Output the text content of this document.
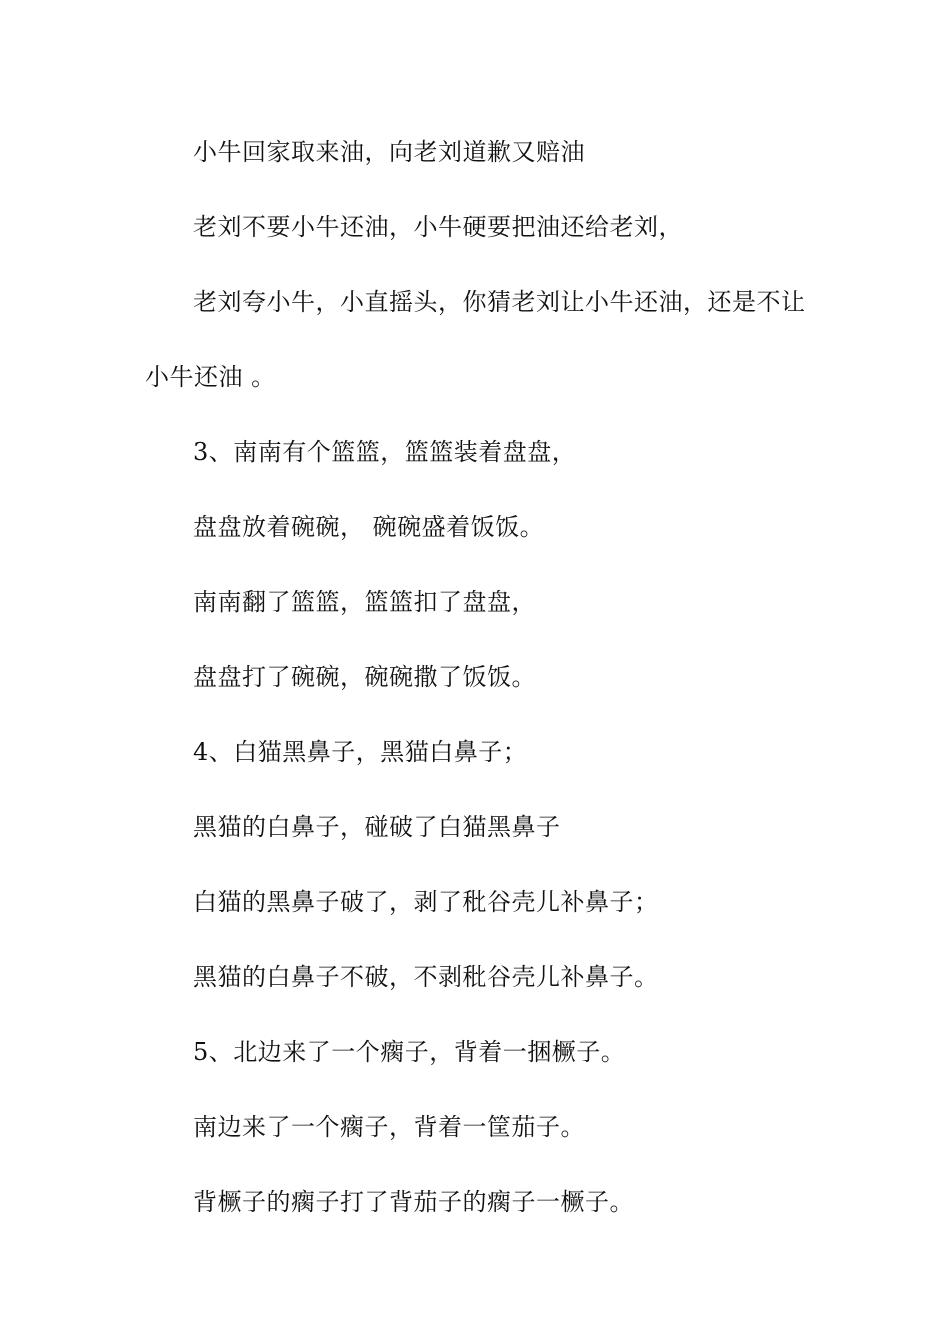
小牛回家取来油，向老刘道歉又赔油
老刘不要小牛还油，小牛硬要把油还给老刘，
老刘夸小牛，小直摇头，你猜老刘让小牛还油，还是不让
小牛还油 。
3、南南有个篮篮，篮篮装着盘盘，
盘盘放着碗碗， 碗碗盛着饭饭。
南南翻了篮篮，篮篮扣了盘盘，
盘盘打了碗碗，碗碗撒了饭饭。
4、白猫黑鼻子，黑猫白鼻子；
黑猫的白鼻子，碰破了白猫黑鼻子
白猫的黑鼻子破了，剥了秕谷壳儿补鼻子；
黑猫的白鼻子不破，不剥秕谷壳儿补鼻子。
5、北边来了一个瘸子，背着一捆橛子。
南边来了一个瘸子，背着一筐茄子。
背橛子的瘸子打了背茄子的瘸子一橛子。
